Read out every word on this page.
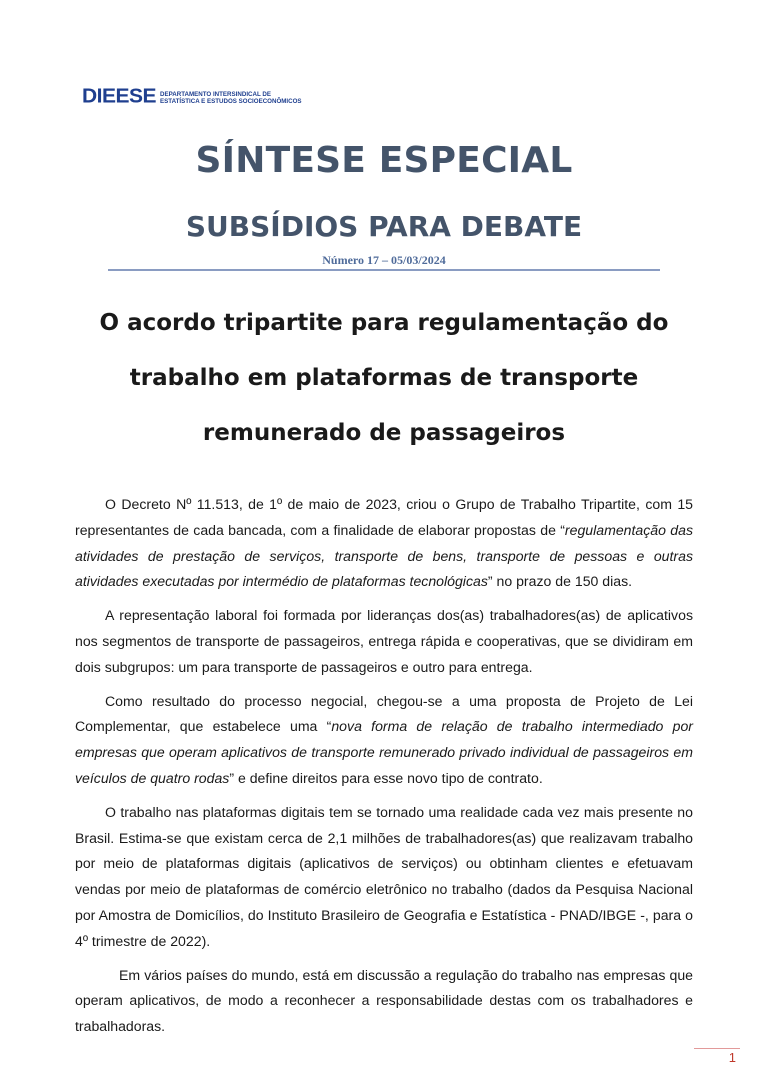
DIEESE DEPARTAMENTO INTERSINDICAL DE
ESTATÍSTICA E ESTUDOS SOCIOECONÔMICOS
SÍNTESE ESPECIAL
SUBSÍDIOS PARA DEBATE
Número 17 – 05/03/2024
O acordo tripartite para regulamentação do
trabalho em plataformas de transporte
remunerado de passageiros

O Decreto Nº 11.513, de 1º de maio de 2023, criou o Grupo de Trabalho Tripartite, com 15 representantes de cada bancada, com a finalidade de elaborar propostas de “regulamentação das atividades de prestação de serviços, transporte de bens, transporte de pessoas e outras atividades executadas por intermédio de plataformas tecnológicas” no prazo de 150 dias.

A representação laboral foi formada por lideranças dos(as) trabalhadores(as) de aplicativos nos segmentos de transporte de passageiros, entrega rápida e cooperativas, que se dividiram em dois subgrupos: um para transporte de passageiros e outro para entrega.

Como resultado do processo negocial, chegou-se a uma proposta de Projeto de Lei Complementar, que estabelece uma “nova forma de relação de trabalho intermediado por empresas que operam aplicativos de transporte remunerado privado individual de passageiros em veículos de quatro rodas” e define direitos para esse novo tipo de contrato.

O trabalho nas plataformas digitais tem se tornado uma realidade cada vez mais presente no Brasil. Estima-se que existam cerca de 2,1 milhões de trabalhadores(as) que realizavam trabalho por meio de plataformas digitais (aplicativos de serviços) ou obtinham clientes e efetuavam vendas por meio de plataformas de comércio eletrônico no trabalho (dados da Pesquisa Nacional por Amostra de Domicílios, do Instituto Brasileiro de Geografia e Estatística - PNAD/IBGE -, para o 4º trimestre de 2022).

Em vários países do mundo, está em discussão a regulação do trabalho nas empresas que operam aplicativos, de modo a reconhecer a responsabilidade destas com os trabalhadores e trabalhadoras.

1
